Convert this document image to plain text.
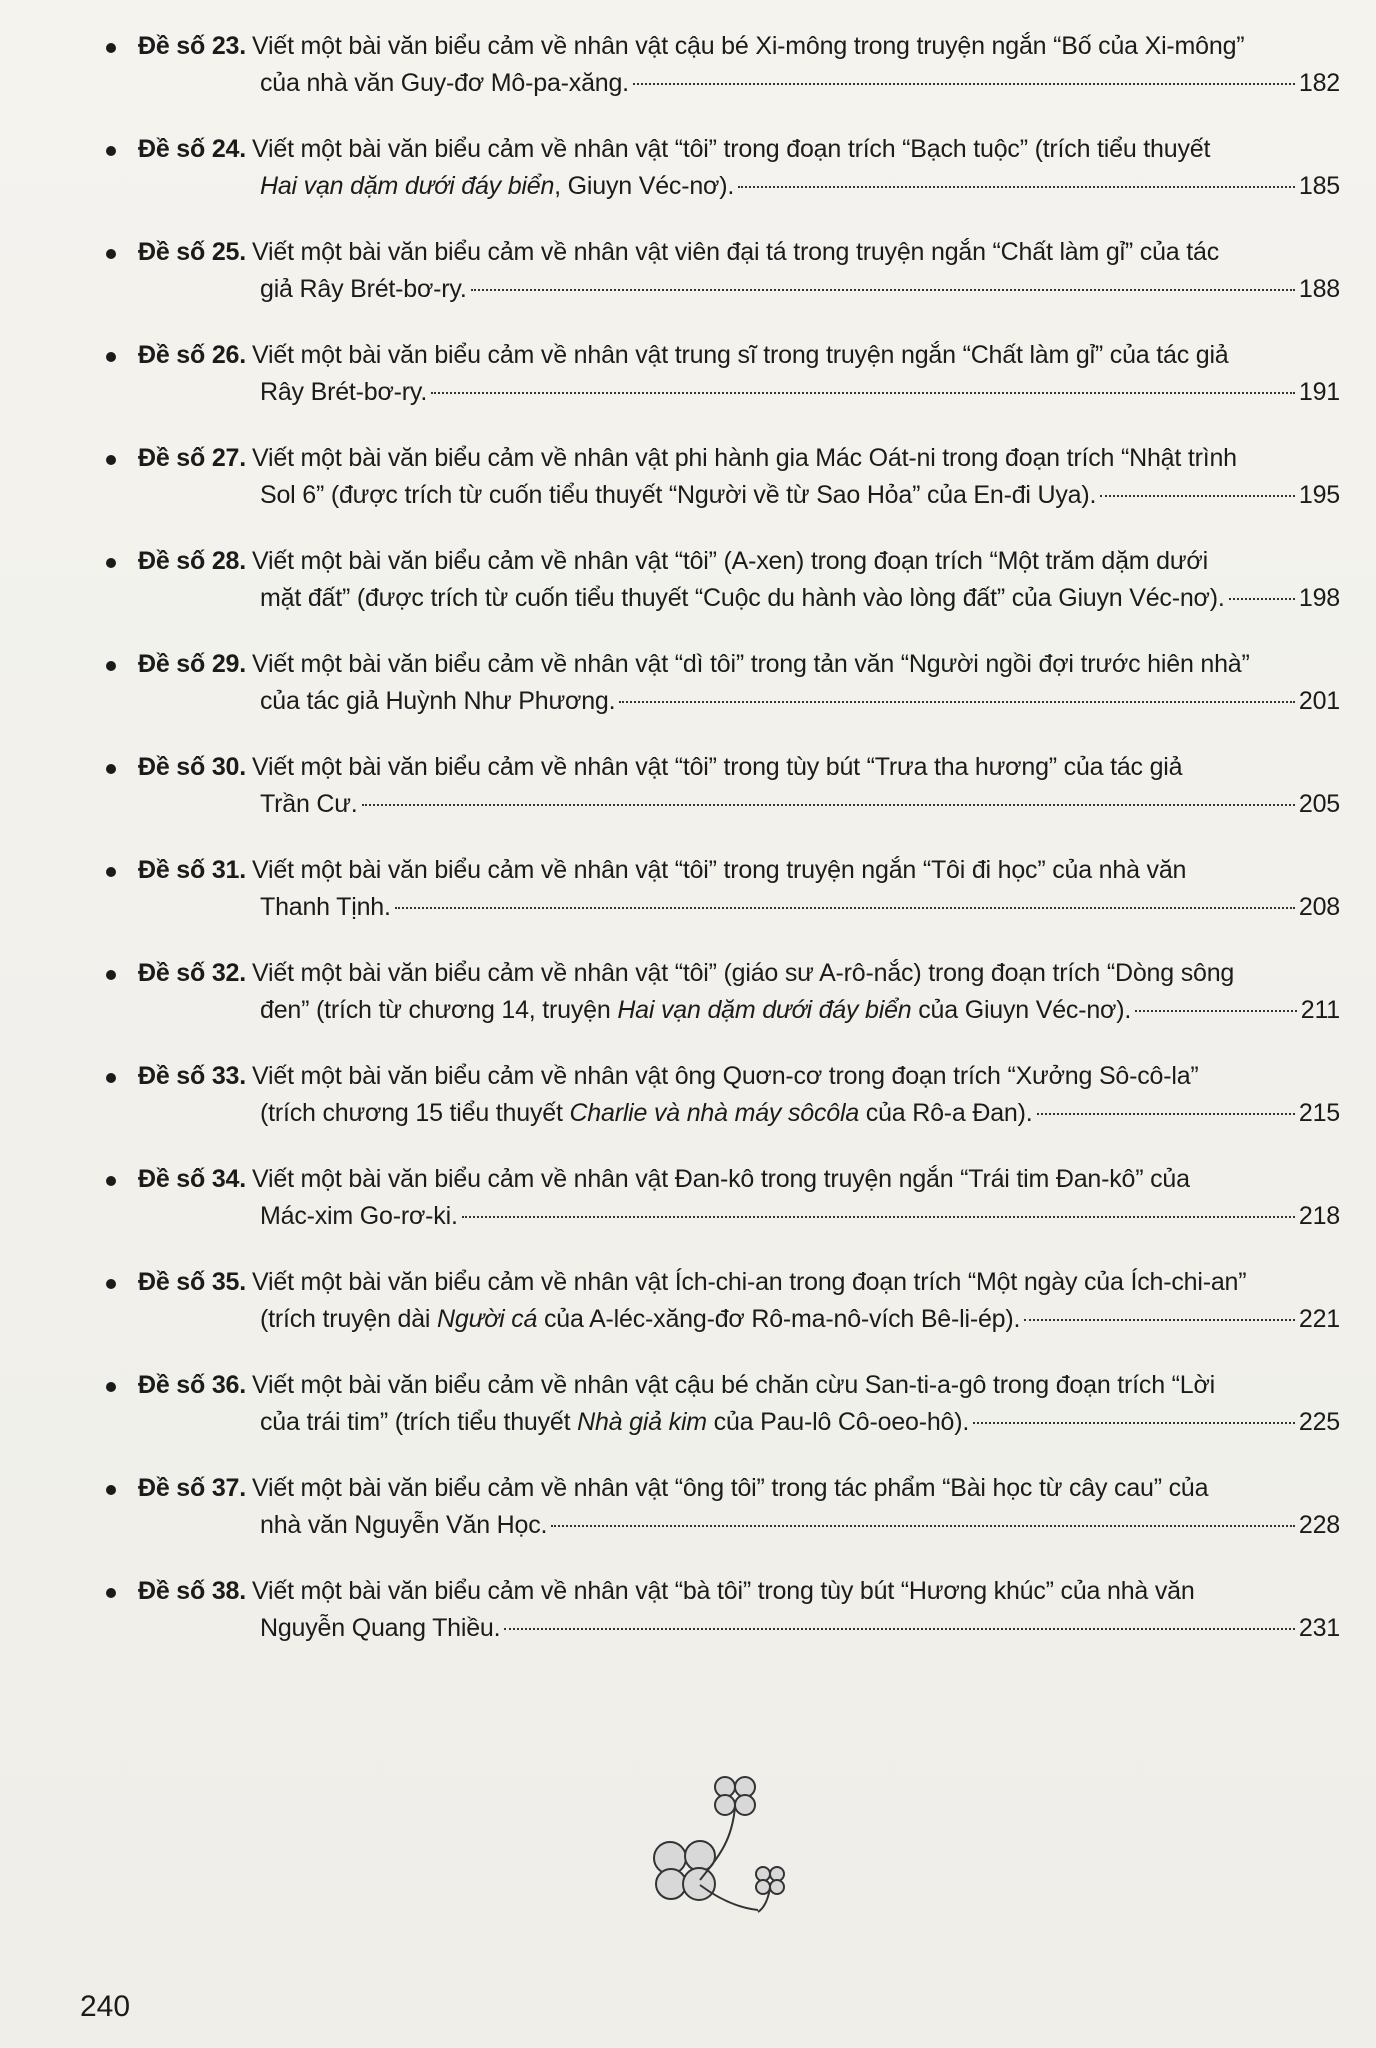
Đề số 23. Viết một bài văn biểu cảm về nhân vật cậu bé Xi-mông trong truyện ngắn “Bố của Xi-mông”
của nhà văn Guy-đơ Mô-pa-xăng.	182
Đề số 24. Viết một bài văn biểu cảm về nhân vật “tôi” trong đoạn trích “Bạch tuộc” (trích tiểu thuyết
Hai vạn dặm dưới đáy biển, Giuyn Véc-nơ).	185
Đề số 25. Viết một bài văn biểu cảm về nhân vật viên đại tá trong truyện ngắn “Chất làm gỉ” của tác
giả Rây Brét-bơ-ry.	188
Đề số 26. Viết một bài văn biểu cảm về nhân vật trung sĩ trong truyện ngắn “Chất làm gỉ” của tác giả
Rây Brét-bơ-ry.	191
Đề số 27. Viết một bài văn biểu cảm về nhân vật phi hành gia Mác Oát-ni trong đoạn trích “Nhật trình
Sol 6” (được trích từ cuốn tiểu thuyết “Người về từ Sao Hỏa” của En-đi Uya).	195
Đề số 28. Viết một bài văn biểu cảm về nhân vật “tôi” (A-xen) trong đoạn trích “Một trăm dặm dưới
mặt đất” (được trích từ cuốn tiểu thuyết “Cuộc du hành vào lòng đất” của Giuyn Véc-nơ).	198
Đề số 29. Viết một bài văn biểu cảm về nhân vật “dì tôi” trong tản văn “Người ngồi đợi trước hiên nhà”
của tác giả Huỳnh Như Phương.	201
Đề số 30. Viết một bài văn biểu cảm về nhân vật “tôi” trong tùy bút “Trưa tha hương” của tác giả
Trần Cư.	205
Đề số 31. Viết một bài văn biểu cảm về nhân vật “tôi” trong truyện ngắn “Tôi đi học” của nhà văn
Thanh Tịnh.	208
Đề số 32. Viết một bài văn biểu cảm về nhân vật “tôi” (giáo sư A-rô-nắc) trong đoạn trích “Dòng sông
đen” (trích từ chương 14, truyện Hai vạn dặm dưới đáy biển của Giuyn Véc-nơ).	211
Đề số 33. Viết một bài văn biểu cảm về nhân vật ông Quơn-cơ trong đoạn trích “Xưởng Sô-cô-la”
(trích chương 15 tiểu thuyết Charlie và nhà máy sôcôla của Rô-a Đan).	215
Đề số 34. Viết một bài văn biểu cảm về nhân vật Đan-kô trong truyện ngắn “Trái tim Đan-kô” của
Mác-xim Go-rơ-ki.	218
Đề số 35. Viết một bài văn biểu cảm về nhân vật Ích-chi-an trong đoạn trích “Một ngày của Ích-chi-an”
(trích truyện dài Người cá của A-léc-xăng-đơ Rô-ma-nô-vích Bê-li-ép).	221
Đề số 36. Viết một bài văn biểu cảm về nhân vật cậu bé chăn cừu San-ti-a-gô trong đoạn trích “Lời
của trái tim” (trích tiểu thuyết Nhà giả kim của Pau-lô Cô-oeo-hô).	225
Đề số 37. Viết một bài văn biểu cảm về nhân vật “ông tôi” trong tác phẩm “Bài học từ cây cau” của
nhà văn Nguyễn Văn Học.	228
Đề số 38. Viết một bài văn biểu cảm về nhân vật “bà tôi” trong tùy bút “Hương khúc” của nhà văn
Nguyễn Quang Thiều.	231
240
